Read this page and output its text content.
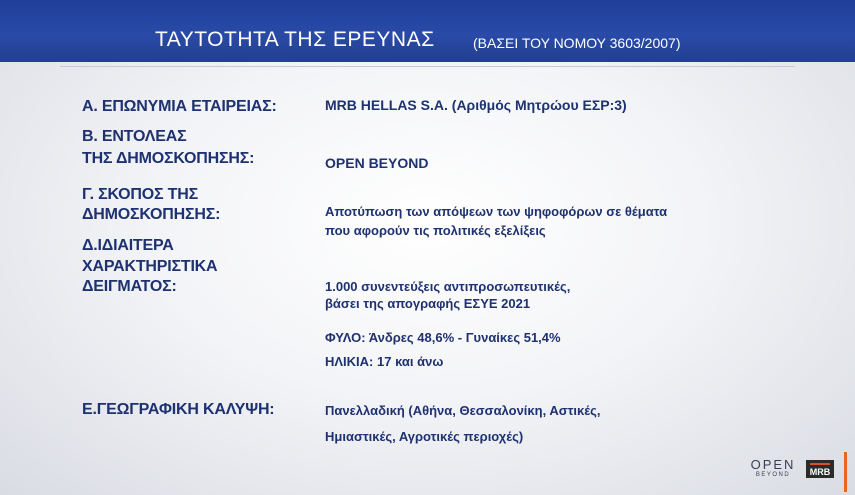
ΤΑΥΤΟΤΗΤΑ ΤΗΣ ΕΡΕΥΝΑΣ	(ΒΑΣΕΙ ΤΟΥ ΝΟΜΟΥ 3603/2007)
Α. ΕΠΩΝΥΜΙΑ ΕΤΑΙΡΕΙΑΣ:	MRB HELLAS S.A. (Αριθμός Μητρώου ΕΣΡ:3)
Β. ΕΝΤΟΛΕΑΣ
ΤΗΣ ΔΗΜΟΣΚΟΠΗΣΗΣ:	OPEN BEYOND
Γ. ΣΚΟΠΟΣ ΤΗΣ
ΔΗΜΟΣΚΟΠΗΣΗΣ:	Αποτύπωση των απόψεων των ψηφοφόρων σε θέματα
που αφορούν τις πολιτικές εξελίξεις
Δ.ΙΔΙΑΙΤΕΡΑ
ΧΑΡΑΚΤΗΡΙΣΤΙΚΑ
ΔΕΙΓΜΑΤΟΣ:	1.000 συνεντεύξεις αντιπροσωπευτικές,
βάσει της απογραφής ΕΣΥΕ 2021
ΦΥΛΟ: Άνδρες 48,6% - Γυναίκες 51,4%
ΗΛΙΚΙΑ: 17 και άνω
Ε.ΓΕΩΓΡΑΦΙΚΗ ΚΑΛΥΨΗ:	Πανελλαδική (Αθήνα, Θεσσαλονίκη, Αστικές,
Ημιαστικές, Αγροτικές περιοχές)
OPEN
BEYOND	MRB
